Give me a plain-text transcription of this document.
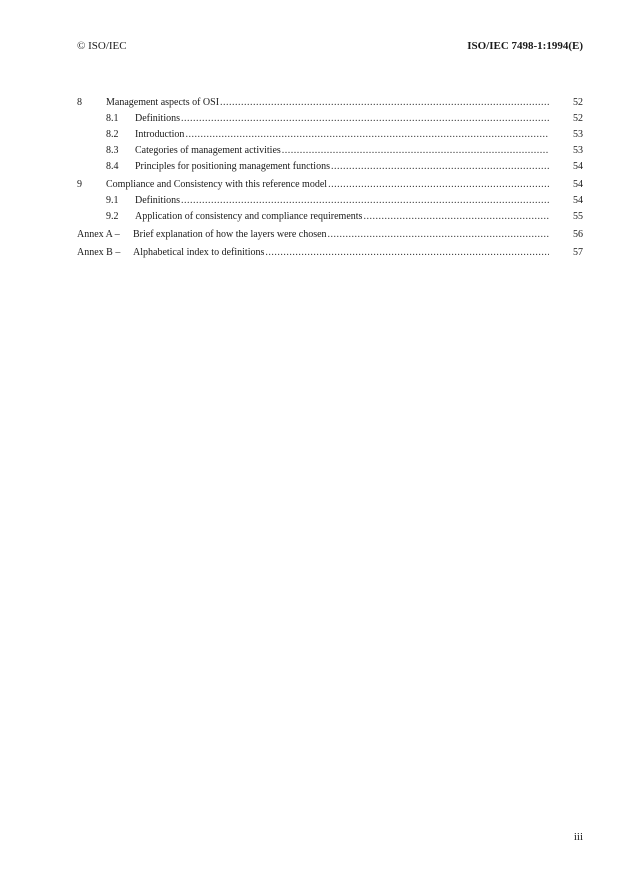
© ISO/IEC	ISO/IEC 7498-1:1994(E)
8 Management aspects of OSI .....	52
8.1 Definitions .....	52
8.2 Introduction .....	53
8.3 Categories of management activities .....	53
8.4 Principles for positioning management functions .....	54
9 Compliance and Consistency with this reference model .....	54
9.1 Definitions .....	54
9.2 Application of consistency and compliance requirements .....	55
Annex A – Brief explanation of how the layers were chosen .....	56
Annex B – Alphabetical index to definitions .....	57
iii
